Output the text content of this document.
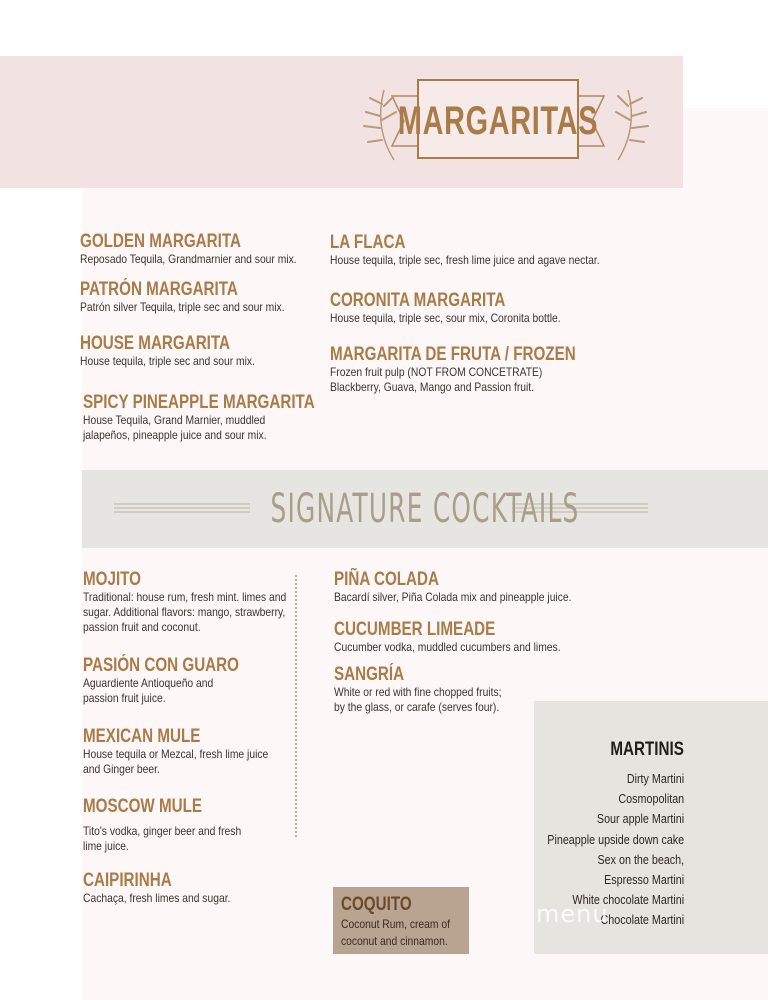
MARGARITAS
GOLDEN MARGARITA
Reposado Tequila, Grandmarnier and sour mix.
PATRÓN MARGARITA
Patrón silver Tequila, triple sec and sour mix.
HOUSE MARGARITA
House tequila, triple sec and sour mix.
SPICY PINEAPPLE MARGARITA
House Tequila, Grand Marnier, muddled
jalapeños, pineapple juice and sour mix.
LA FLACA
House tequila, triple sec, fresh lime juice and agave nectar.
CORONITA MARGARITA
House tequila, triple sec, sour mix, Coronita bottle.
MARGARITA DE FRUTA / FROZEN
Frozen fruit pulp (NOT FROM CONCETRATE)
Blackberry, Guava, Mango and Passion fruit.
SIGNATURE COCKTAILS
MOJITO
Traditional: house rum, fresh mint. limes and
sugar. Additional flavors: mango, strawberry,
passion fruit and coconut.
PASIÓN CON GUARO
Aguardiente Antioqueño and
passion fruit juice.
MEXICAN MULE
House tequila or Mezcal, fresh lime juice
and Ginger beer.
MOSCOW MULE
Tito's vodka, ginger beer and fresh
lime juice.
CAIPIRINHA
Cachaça, fresh limes and sugar.
PIÑA COLADA
Bacardí silver, Piña Colada mix and pineapple juice.
CUCUMBER LIMEADE
Cucumber vodka, muddled cucumbers and limes.
SANGRÍA
White or red with fine chopped fruits;
by the glass, or carafe (serves four).
COQUITO
Coconut Rum, cream of
coconut and cinnamon.
MARTINIS
Dirty Martini
Cosmopolitan
Sour apple Martini
Pineapple upside down cake
Sex on the beach,
Espresso Martini
White chocolate Martini
Chocolate Martini
menu
